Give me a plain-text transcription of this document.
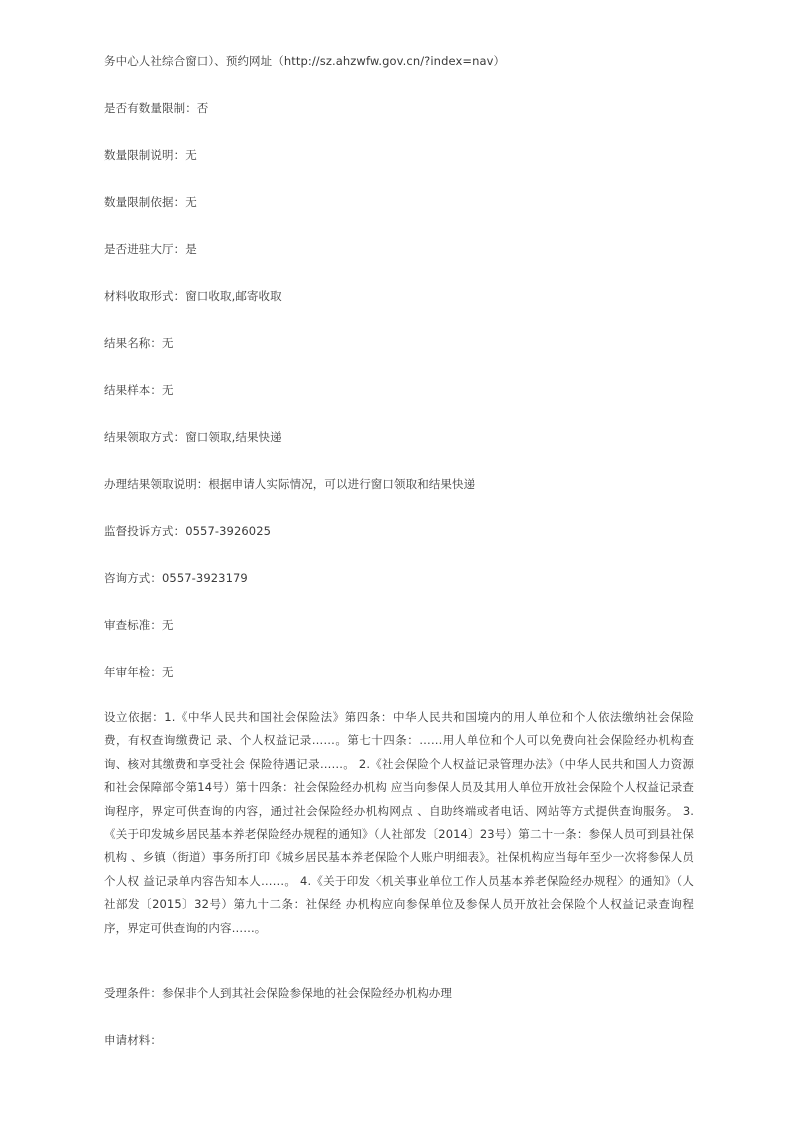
务中心人社综合窗口）、预约网址（http://sz.ahzwfw.gov.cn/?index=nav）
是否有数量限制：否
数量限制说明：无
数量限制依据：无
是否进驻大厅：是
材料收取形式：窗口收取,邮寄收取
结果名称：无
结果样本：无
结果领取方式：窗口领取,结果快递
办理结果领取说明：根据申请人实际情况，可以进行窗口领取和结果快递
监督投诉方式：0557-3926025
咨询方式：0557-3923179
审查标准：无
年审年检：无
设立依据：1.《中华人民共和国社会保险法》第四条：中华人民共和国境内的用人单位和个人依法缴纳社会保险费，有权查询缴费记 录、个人权益记录……。第七十四条：……用人单位和个人可以免费向社会保险经办机构查询、核对其缴费和享受社会 保险待遇记录……。 2.《社会保险个人权益记录管理办法》（中华人民共和国人力资源和社会保障部令第14号）第十四条：社会保险经办机构 应当向参保人员及其用人单位开放社会保险个人权益记录查询程序，界定可供查询的内容，通过社会保险经办机构网点 、自助终端或者电话、网站等方式提供查询服务。 3.《关于印发城乡居民基本养老保险经办规程的通知》（人社部发〔2014〕23号）第二十一条：参保人员可到县社保机构 、乡镇（街道）事务所打印《城乡居民基本养老保险个人账户明细表》。社保机构应当每年至少一次将参保人员个人权 益记录单内容告知本人……。 4.《关于印发〈机关事业单位工作人员基本养老保险经办规程〉的通知》（人社部发〔2015〕32号）第九十二条：社保经 办机构应向参保单位及参保人员开放社会保险个人权益记录查询程序，界定可供查询的内容……。
受理条件：参保非个人到其社会保险参保地的社会保险经办机构办理
申请材料：
